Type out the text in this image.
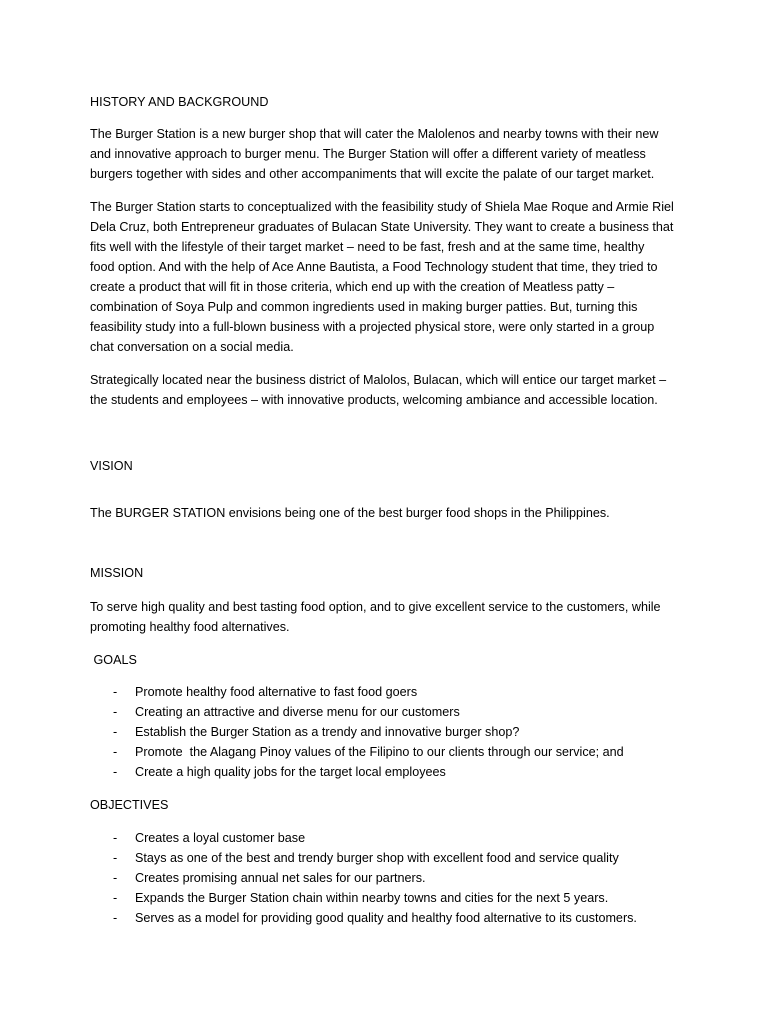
HISTORY AND BACKGROUND
The Burger Station is a new burger shop that will cater the Malolenos and nearby towns with their new
and innovative approach to burger menu. The Burger Station will offer a different variety of meatless
burgers together with sides and other accompaniments that will excite the palate of our target market.
The Burger Station starts to conceptualized with the feasibility study of Shiela Mae Roque and Armie Riel
Dela Cruz, both Entrepreneur graduates of Bulacan State University. They want to create a business that
fits well with the lifestyle of their target market – need to be fast, fresh and at the same time, healthy
food option. And with the help of Ace Anne Bautista, a Food Technology student that time, they tried to
create a product that will fit in those criteria, which end up with the creation of Meatless patty –
combination of Soya Pulp and common ingredients used in making burger patties. But, turning this
feasibility study into a full-blown business with a projected physical store, were only started in a group
chat conversation on a social media.
Strategically located near the business district of Malolos, Bulacan, which will entice our target market –
the students and employees – with innovative products, welcoming ambiance and accessible location.
VISION
The BURGER STATION envisions being one of the best burger food shops in the Philippines.
MISSION
To serve high quality and best tasting food option, and to give excellent service to the customers, while
promoting healthy food alternatives.
GOALS
- Promote healthy food alternative to fast food goers
- Creating an attractive and diverse menu for our customers
- Establish the Burger Station as a trendy and innovative burger shop?
- Promote  the Alagang Pinoy values of the Filipino to our clients through our service; and
- Create a high quality jobs for the target local employees
OBJECTIVES
- Creates a loyal customer base
- Stays as one of the best and trendy burger shop with excellent food and service quality
- Creates promising annual net sales for our partners.
- Expands the Burger Station chain within nearby towns and cities for the next 5 years.
- Serves as a model for providing good quality and healthy food alternative to its customers.
